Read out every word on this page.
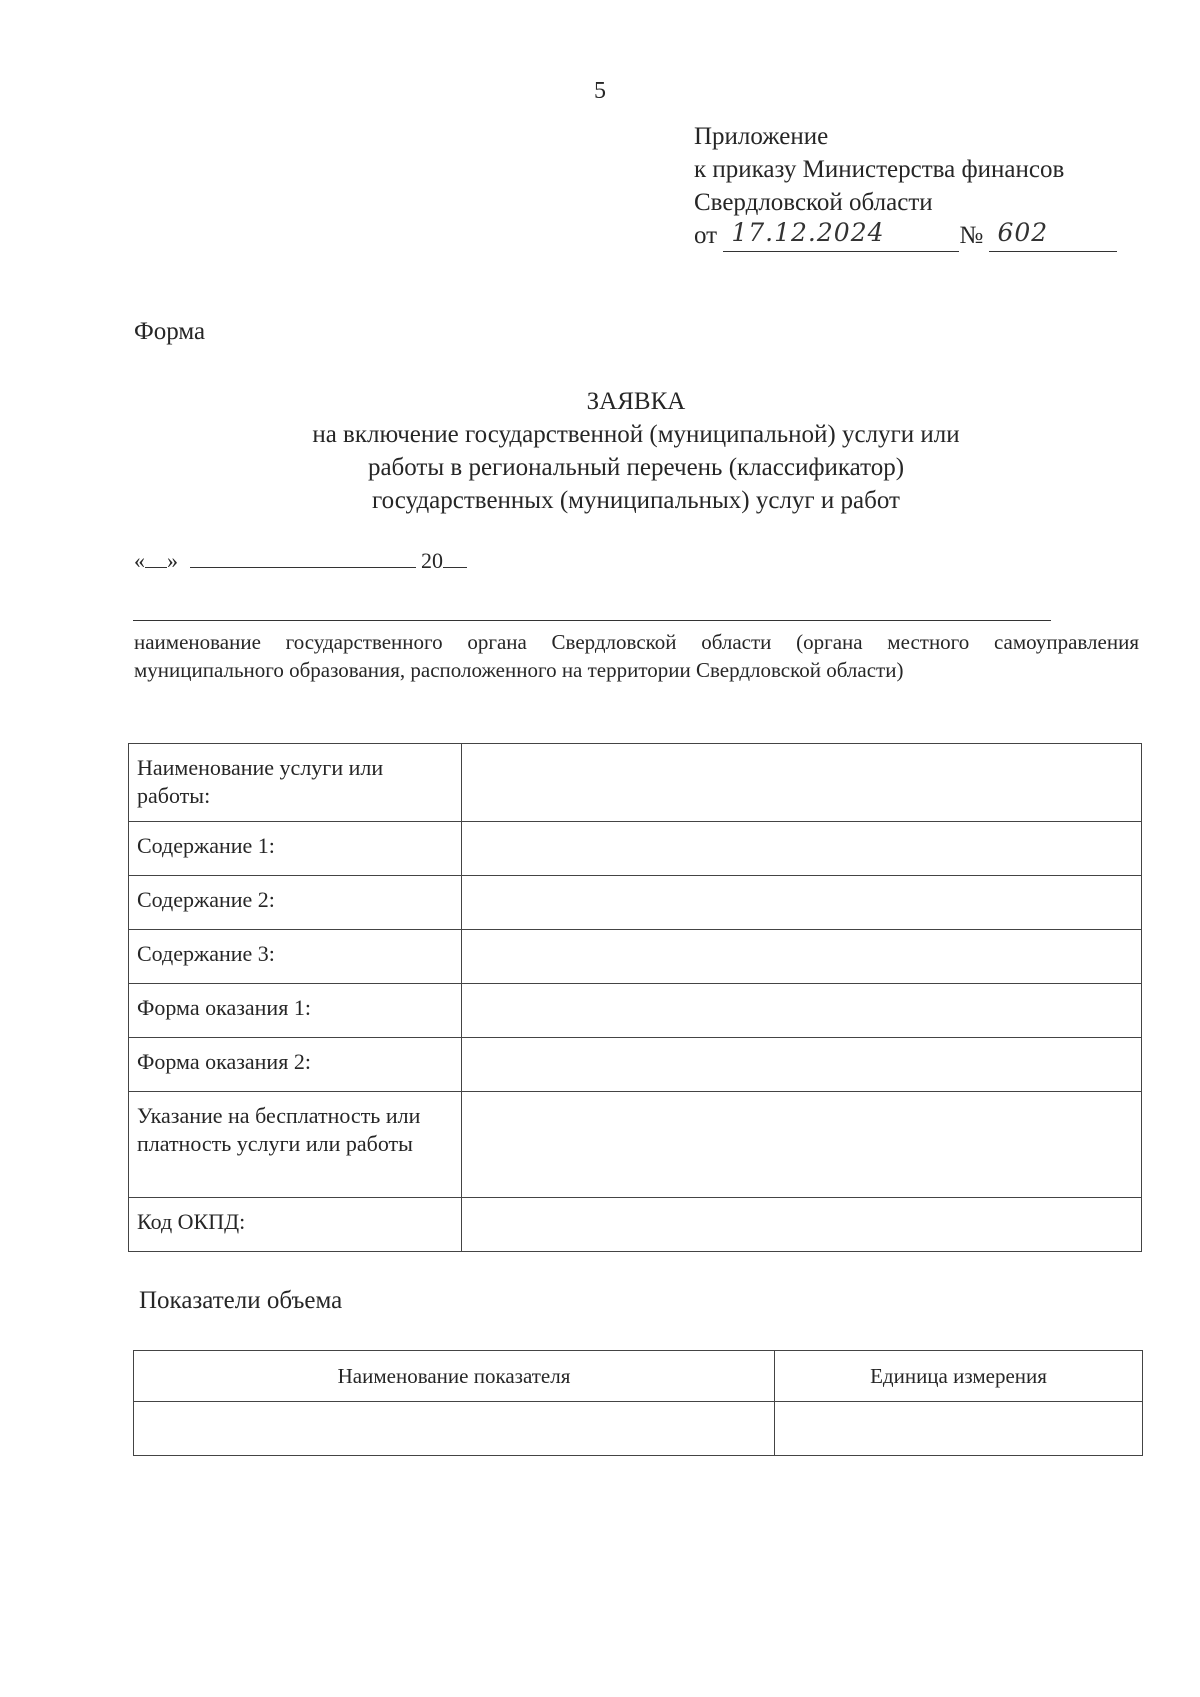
5
Приложение
к приказу Министерства финансов
Свердловской области
от 17.12.2024	№ 602
Форма
ЗАЯВКА
на включение государственной (муниципальной) услуги или
работы в региональный перечень (классификатор)
государственных (муниципальных) услуг и работ
« »	20
наименование государственного органа Свердловской области (органа местного самоуправления муниципального образования, расположенного на территории Свердловской области)
Наименование услуги или работы:	
Содержание 1:	
Содержание 2:	
Содержание 3:	
Форма оказания 1:	
Форма оказания 2:	
Указание на бесплатность или платность услуги или работы	
Код ОКПД:	
Показатели объема
Наименование показателя	Единица измерения
